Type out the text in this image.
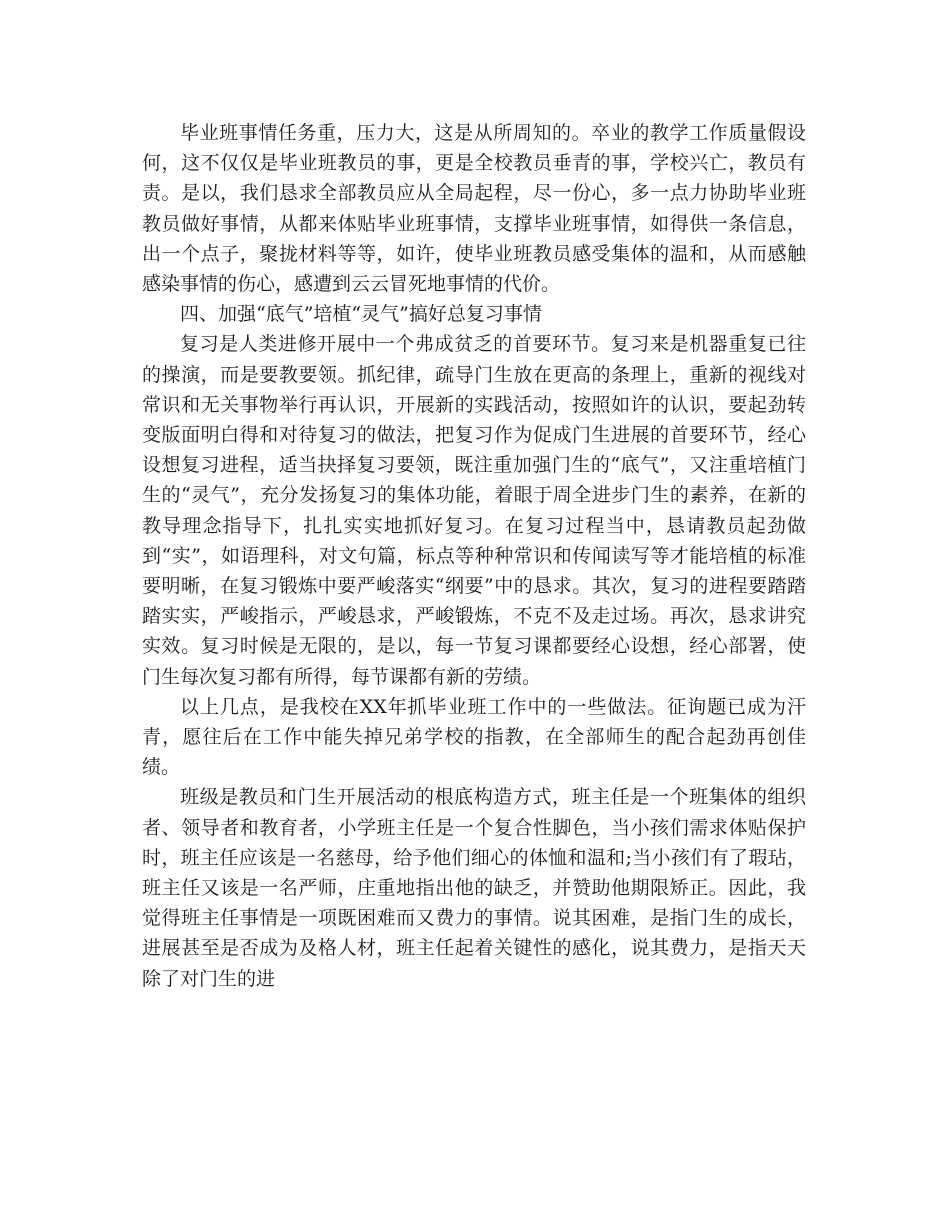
毕业班事情任务重，压力大，这是从所周知的。卒业的教学工作质量假设何，这不仅仅是毕业班教员的事，更是全校教员垂青的事，学校兴亡，教员有责。是以，我们恳求全部教员应从全局起程，尽一份心，多一点力协助毕业班教员做好事情，从都来体贴毕业班事情，支撑毕业班事情，如得供一条信息，出一个点子，聚拢材料等等，如许，使毕业班教员感受集体的温和，从而感触感染事情的伤心，感遭到云云冒死地事情的代价。

四、加强“底气”培植“灵气”搞好总复习事情

复习是人类进修开展中一个弗成贫乏的首要环节。复习来是机器重复已往的操演，而是要教要领。抓纪律，疏导门生放在更高的条理上，重新的视线对常识和无关事物举行再认识，开展新的实践活动，按照如许的认识，要起劲转变版面明白得和对待复习的做法，把复习作为促成门生进展的首要环节，经心设想复习进程，适当抉择复习要领，既注重加强门生的“底气”，又注重培植门生的“灵气”，充分发扬复习的集体功能，着眼于周全进步门生的素养，在新的教导理念指导下，扎扎实实地抓好复习。在复习过程当中，恳请教员起劲做到“实”，如语理科，对文句篇，标点等种种常识和传闻读写等才能培植的标准要明晰，在复习锻炼中要严峻落实“纲要”中的恳求。其次，复习的进程要踏踏踏实实，严峻指示，严峻恳求，严峻锻炼，不克不及走过场。再次，恳求讲究实效。复习时候是无限的，是以，每一节复习课都要经心设想，经心部署，使门生每次复习都有所得，每节课都有新的劳绩。

以上几点，是我校在XX年抓毕业班工作中的一些做法。征询题已成为汗青，愿往后在工作中能失掉兄弟学校的指教，在全部师生的配合起劲再创佳绩。

班级是教员和门生开展活动的根底构造方式，班主任是一个班集体的组织者、领导者和教育者，小学班主任是一个复合性脚色，当小孩们需求体贴保护时，班主任应该是一名慈母，给予他们细心的体恤和温和;当小孩们有了瑕玷，班主任又该是一名严师，庄重地指出他的缺乏，并赞助他期限矫正。因此，我觉得班主任事情是一项既困难而又费力的事情。说其困难，是指门生的成长，进展甚至是否成为及格人材，班主任起着关键性的感化，说其费力，是指天天除了对门生的进
